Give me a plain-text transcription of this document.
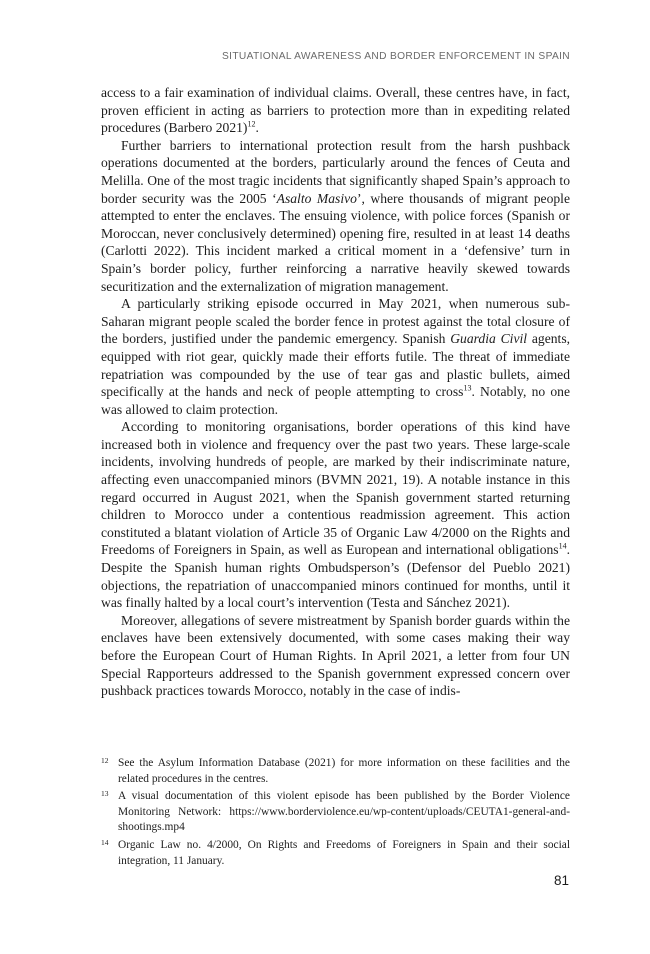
SITUATIONAL AWARENESS AND BORDER ENFORCEMENT IN SPAIN

access to a fair examination of individual claims. Overall, these centres have, in fact, proven efficient in acting as barriers to protection more than in expediting related procedures (Barbero 2021)$^{12}$.

Further barriers to international protection result from the harsh pushback operations documented at the borders, particularly around the fences of Ceuta and Melilla. One of the most tragic incidents that significantly shaped Spain’s approach to border security was the 2005 ‘Asalto Masivo’, where thousands of migrant people attempted to enter the enclaves. The ensuing violence, with police forces (Spanish or Moroccan, never conclusively determined) opening fire, resulted in at least 14 deaths (Carlotti 2022). This incident marked a critical moment in a ‘defensive’ turn in Spain’s border policy, further reinforcing a narrative heavily skewed towards securitization and the externalization of migration management.

A particularly striking episode occurred in May 2021, when numerous sub-Saharan migrant people scaled the border fence in protest against the total closure of the borders, justified under the pandemic emergency. Spanish Guardia Civil agents, equipped with riot gear, quickly made their efforts futile. The threat of immediate repatriation was compounded by the use of tear gas and plastic bullets, aimed specifically at the hands and neck of people attempting to cross$^{13}$. Notably, no one was allowed to claim protection.

According to monitoring organisations, border operations of this kind have increased both in violence and frequency over the past two years. These large-scale incidents, involving hundreds of people, are marked by their indiscriminate nature, affecting even unaccompanied minors (BVMN 2021, 19). A notable instance in this regard occurred in August 2021, when the Spanish government started returning children to Morocco under a contentious readmission agreement. This action constituted a blatant violation of Article 35 of Organic Law 4/2000 on the Rights and Freedoms of Foreigners in Spain, as well as European and international obligations$^{14}$. Despite the Spanish human rights Ombudsperson’s (Defensor del Pueblo 2021) objections, the repatriation of unaccompanied minors continued for months, until it was finally halted by a local court’s intervention (Testa and Sánchez 2021).

Moreover, allegations of severe mistreatment by Spanish border guards within the enclaves have been extensively documented, with some cases making their way before the European Court of Human Rights. In April 2021, a letter from four UN Special Rapporteurs addressed to the Spanish government expressed concern over pushback practices towards Morocco, notably in the case of indis-

12 See the Asylum Information Database (2021) for more information on these facilities and the related procedures in the centres.
13 A visual documentation of this violent episode has been published by the Border Violence Monitoring Network: https://www.borderviolence.eu/wp-content/uploads/CEUTA1-general-and-shootings.mp4
14 Organic Law no. 4/2000, On Rights and Freedoms of Foreigners in Spain and their social integration, 11 January.
81
